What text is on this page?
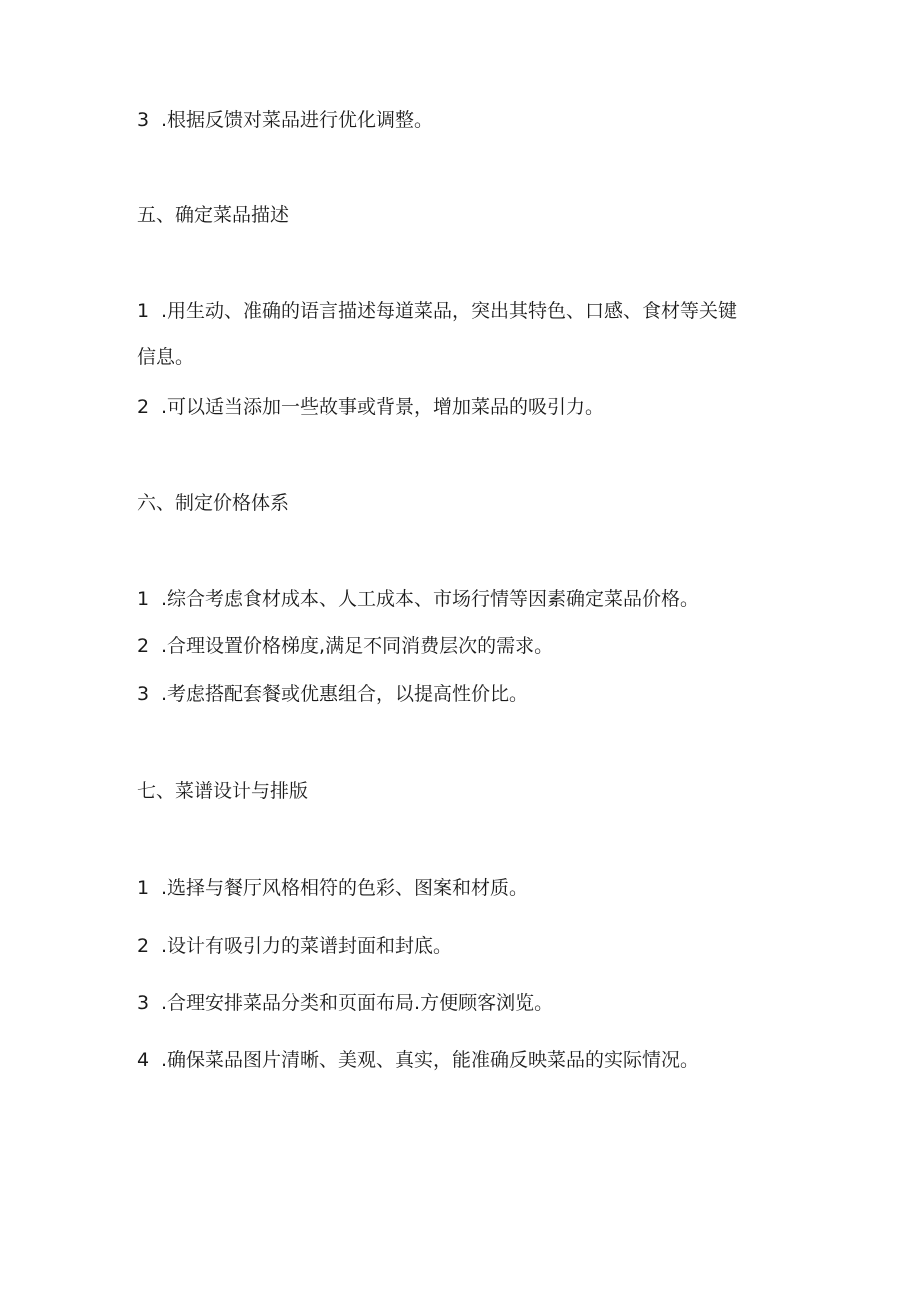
3 .根据反馈对菜品进行优化调整。
五、确定菜品描述
1 .用生动、准确的语言描述每道菜品，突出其特色、口感、食材等关键
信息。
2 .可以适当添加一些故事或背景，增加菜品的吸引力。
六、制定价格体系
1 .综合考虑食材成本、人工成本、市场行情等因素确定菜品价格。
2 .合理设置价格梯度,满足不同消费层次的需求。
3 .考虑搭配套餐或优惠组合，以提高性价比。
七、菜谱设计与排版
1 .选择与餐厅风格相符的色彩、图案和材质。
2 .设计有吸引力的菜谱封面和封底。
3 .合理安排菜品分类和页面布局.方便顾客浏览。
4 .确保菜品图片清晰、美观、真实，能准确反映菜品的实际情况。
